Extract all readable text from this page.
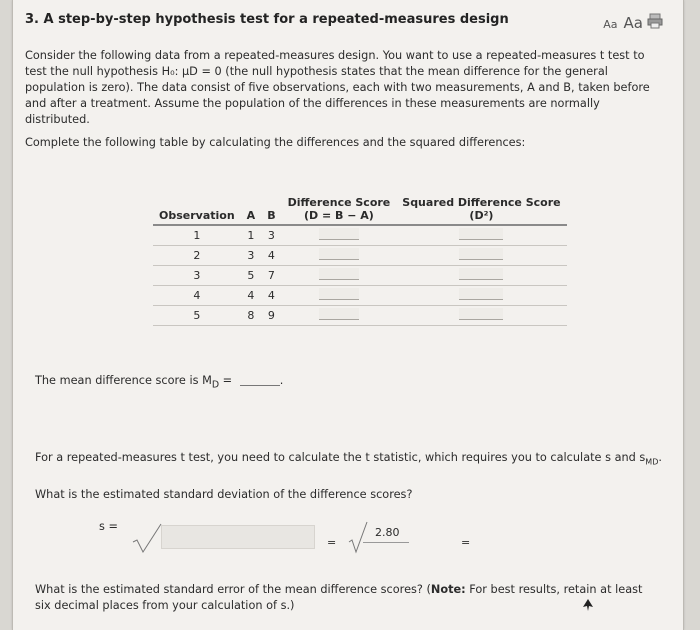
3. A step-by-step hypothesis test for a repeated-measures design	Aa Aa
Consider the following data from a repeated-measures design. You want to use a repeated-measures t test to test the null hypothesis H₀: μD = 0 (the null hypothesis states that the mean difference for the general population is zero). The data consist of five observations, each with two measurements, A and B, taken before and after a treatment. Assume the population of the differences in these measurements are normally distributed.
Complete the following table by calculating the differences and the squared differences:
			Difference Score	Squared Difference Score
Observation	A	B	(D = B − A)	(D²)
1	1	3		
2	3	4		
3	5	7		
4	4	4		
5	8	9		
The mean difference score is $M_D$ =	.
For a repeated-measures t test, you need to calculate the t statistic, which requires you to calculate s and $s_{MD}$.
What is the estimated standard deviation of the difference scores?
s =
=
2.80
=
What is the estimated standard error of the mean difference scores? (Note: For best results, retain at least six decimal places from your calculation of s.)
